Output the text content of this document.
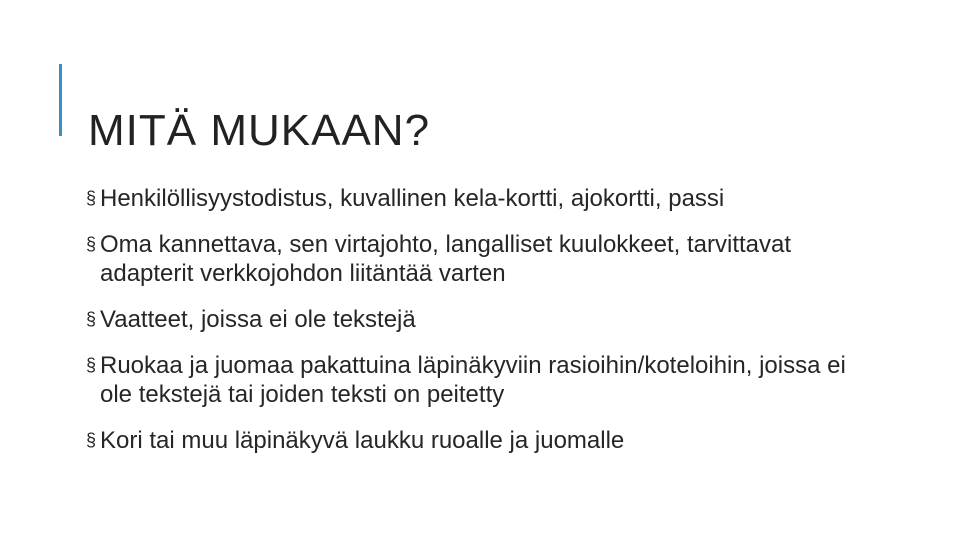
MITÄ MUKAAN?
§ Henkilöllisyystodistus, kuvallinen kela-kortti, ajokortti, passi
§ Oma kannettava, sen virtajohto, langalliset kuulokkeet, tarvittavat adapterit verkkojohdon liitäntää varten
§ Vaatteet, joissa ei ole tekstejä
§ Ruokaa ja juomaa pakattuina läpinäkyviin rasioihin/koteloihin, joissa ei ole tekstejä tai joiden teksti on peitetty
§ Kori tai muu läpinäkyvä laukku ruoalle ja juomalle
